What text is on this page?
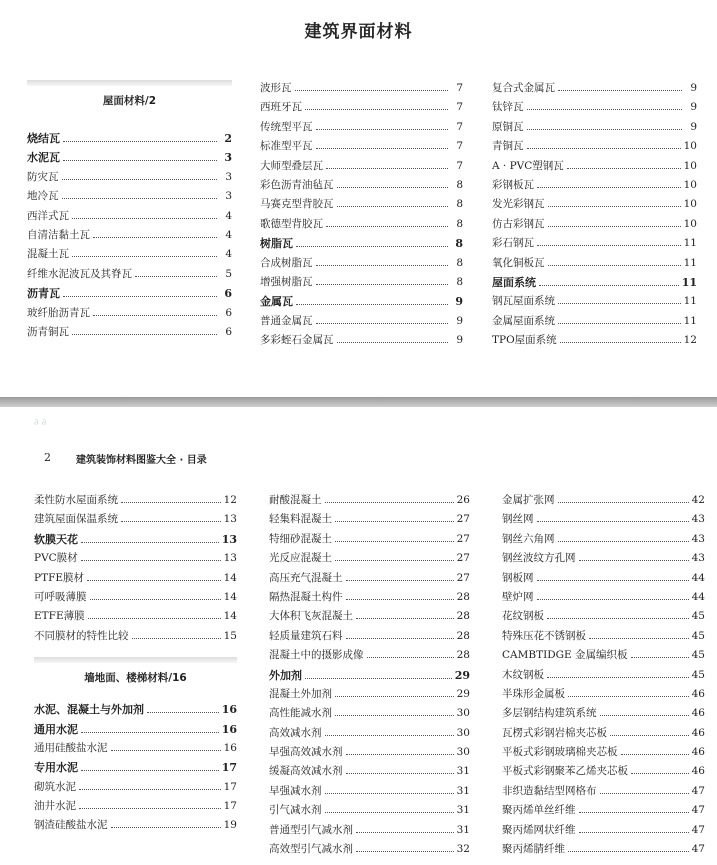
建筑界面材料
屋面材料/2
烧结瓦	2
水泥瓦	3
防灾瓦	3
地冷瓦	3
西洋式瓦	4
自清洁黏土瓦	4
混凝土瓦	4
纤维水泥波瓦及其脊瓦	5
沥青瓦	6
玻纤胎沥青瓦	6
沥青铜瓦	6
波形瓦	7
西班牙瓦	7
传统型平瓦	7
标准型平瓦	7
大师型叠层瓦	7
彩色沥青油毡瓦	8
马赛克型背胶瓦	8
歌德型背胶瓦	8
树脂瓦	8
合成树脂瓦	8
增强树脂瓦	8
金属瓦	9
普通金属瓦	9
多彩蛭石金属瓦	9
复合式金属瓦	9
钛锌瓦	9
原铜瓦	9
青铜瓦	10
A · PVC塑钢瓦	10
彩钢板瓦	10
发光彩钢瓦	10
仿古彩钢瓦	10
彩石钢瓦	11
氧化铜板瓦	11
屋面系统	11
钢瓦屋面系统	11
金属屋面系统	11
TPO屋面系统	12
∂ ∂
2	建筑装饰材料图鉴大全 · 目录
柔性防水屋面系统	12
建筑屋面保温系统	13
软膜天花	13
PVC膜材	13
PTFE膜材	14
可呼吸薄膜	14
ETFE薄膜	14
不同膜材的特性比较	15
墙地面、楼梯材料/16
水泥、混凝土与外加剂	16
通用水泥	16
通用硅酸盐水泥	16
专用水泥	17
砌筑水泥	17
油井水泥	17
钢渣硅酸盐水泥	19
耐酸混凝土	26
轻集料混凝土	27
特细砂混凝土	27
光反应混凝土	27
高压充气混凝土	27
隔热混凝土构件	28
大体积飞灰混凝土	28
轻质量建筑石料	28
混凝土中的摄影成像	28
外加剂	29
混凝土外加剂	29
高性能减水剂	30
高效减水剂	30
早强高效减水剂	30
缓凝高效减水剂	31
早强减水剂	31
引气减水剂	31
普通型引气减水剂	31
高效型引气减水剂	32
金属扩张网	42
钢丝网	43
钢丝六角网	43
钢丝波纹方孔网	43
钢板网	44
壁炉网	44
花纹钢板	45
特殊压花不锈钢板	45
CAMBTIDGE 金属编织板	45
木纹钢板	45
半珠形金属板	46
多层钢结构建筑系统	46
瓦楞式彩钢岩棉夹芯板	46
平板式彩钢玻璃棉夹芯板	46
平板式彩钢聚苯乙烯夹芯板	46
非织造黏结型网格布	47
聚丙烯单丝纤维	47
聚丙烯网状纤维	47
聚丙烯腈纤维	47
